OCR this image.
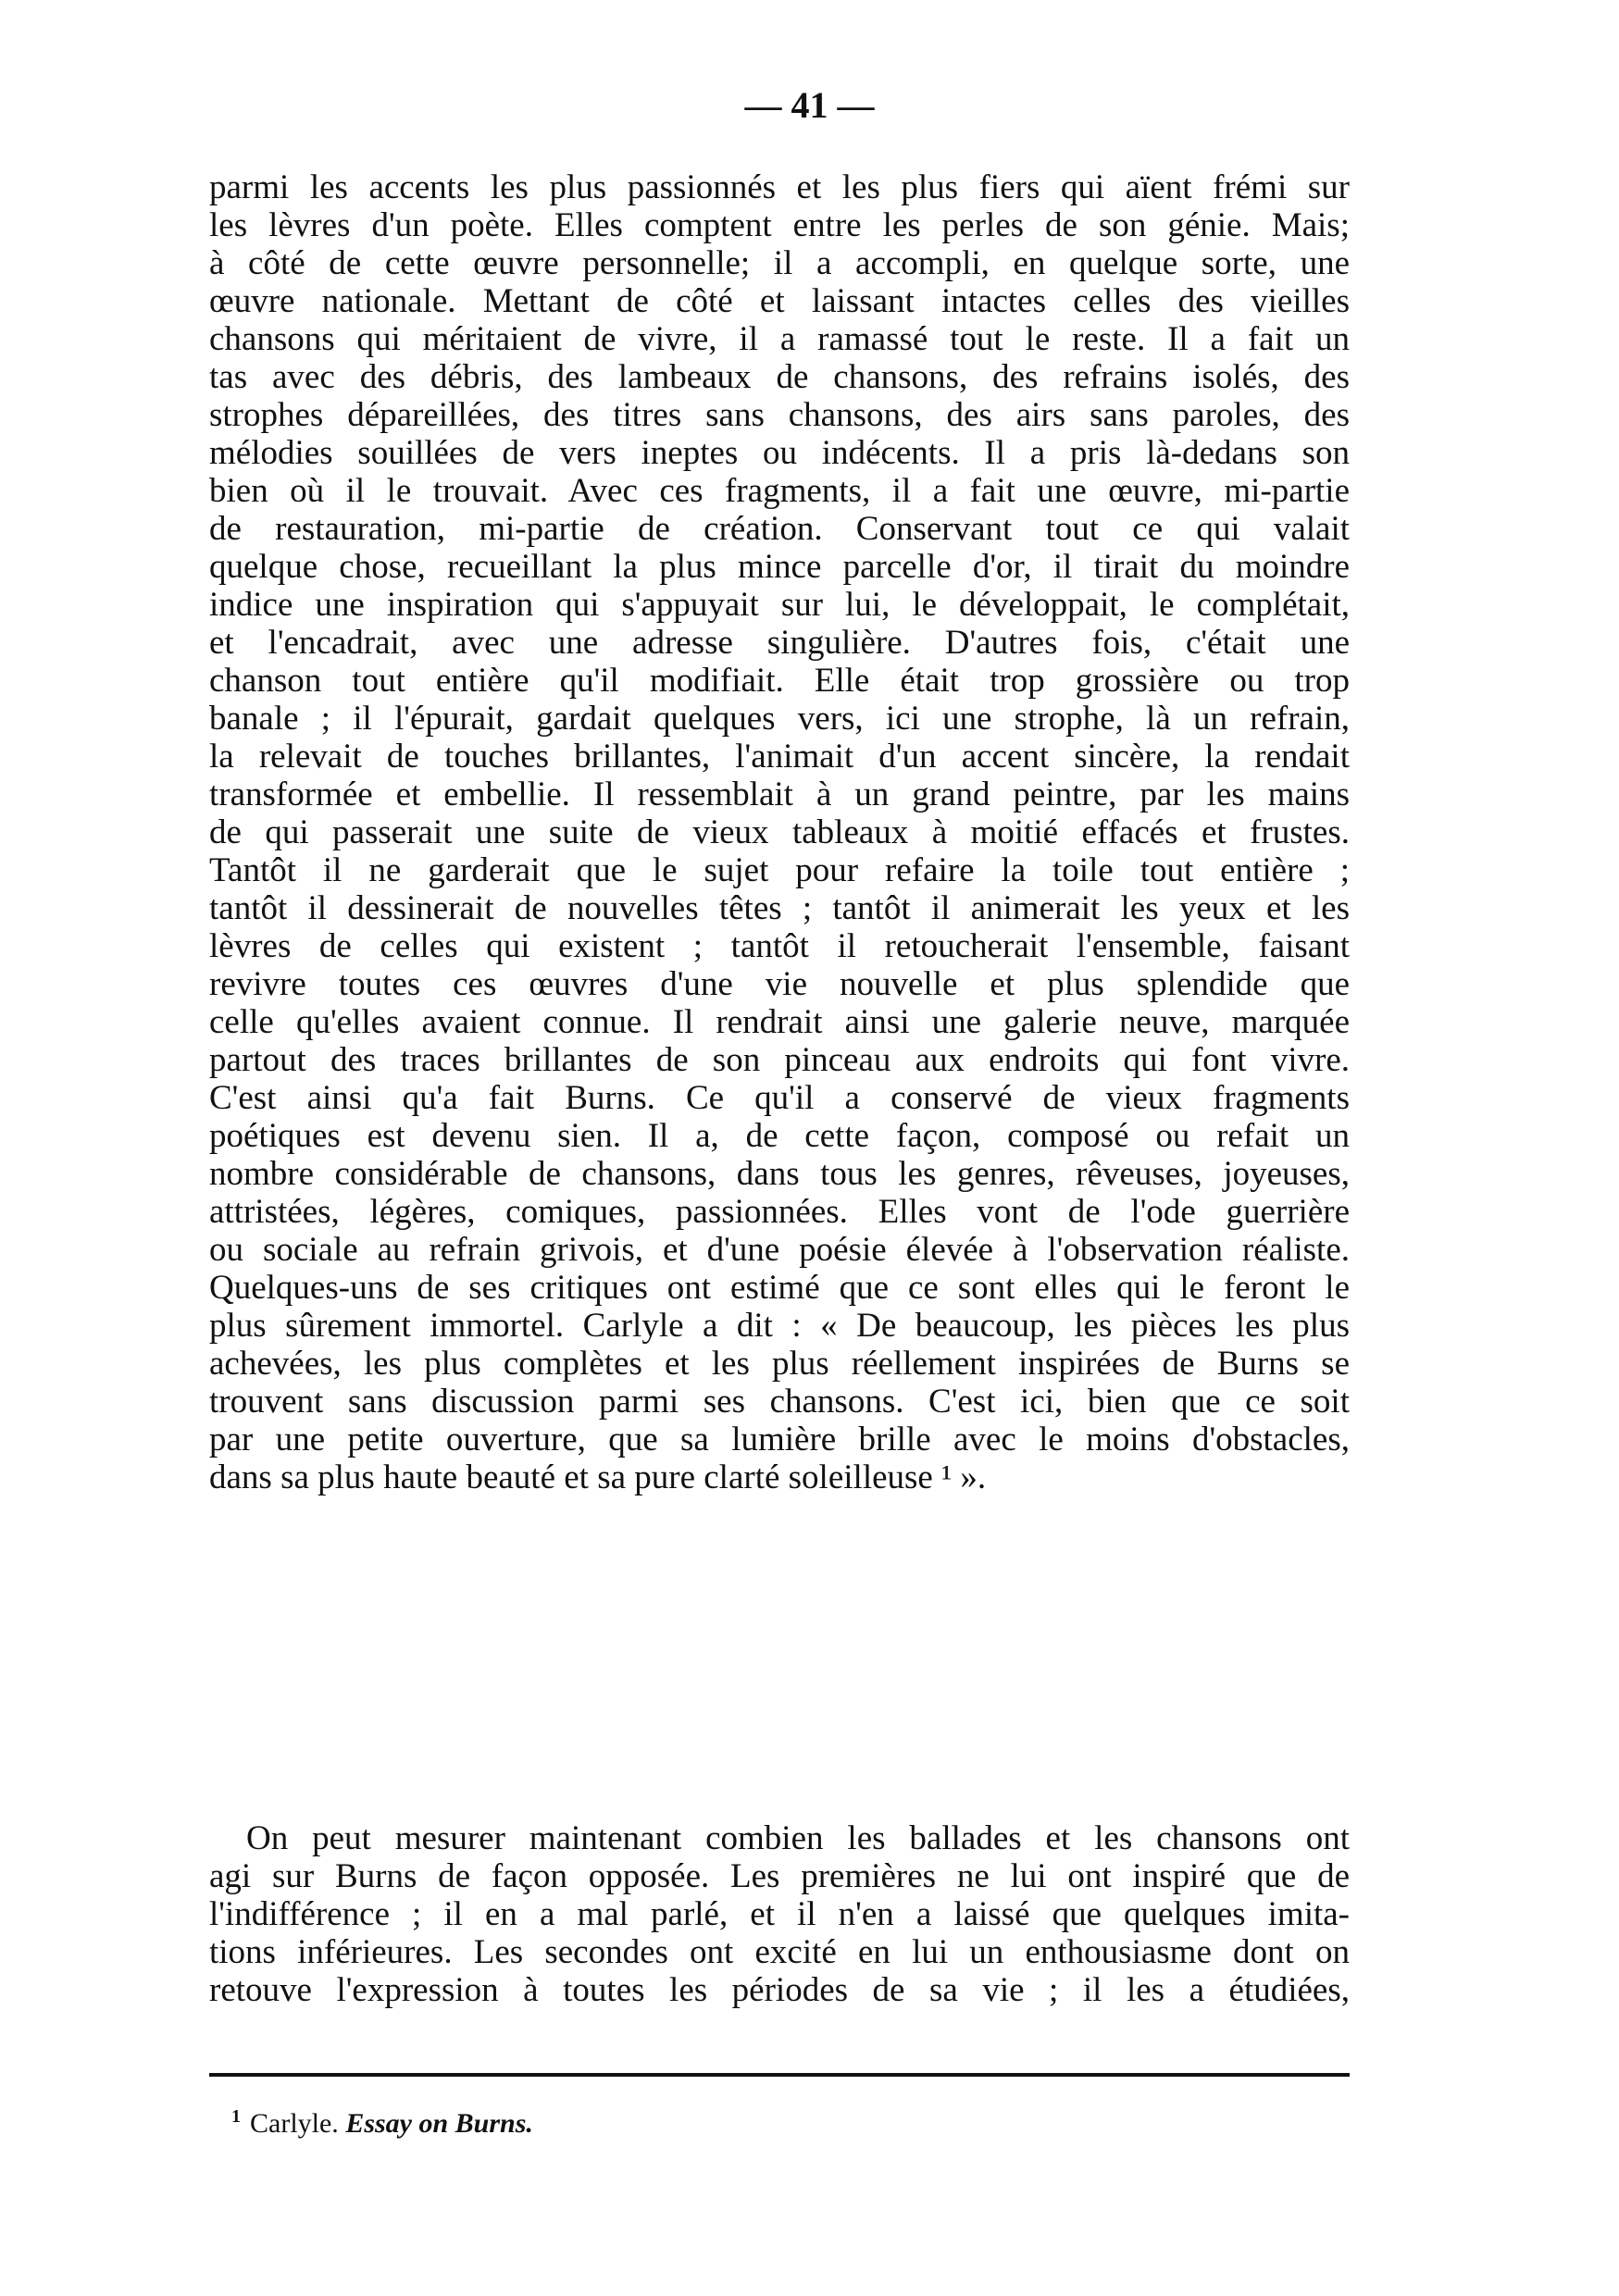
— 41 —
parmi les accents les plus passionnés et les plus fiers qui aïent frémi sur
les lèvres d'un poète. Elles comptent entre les perles de son génie. Mais;
à côté de cette œuvre personnelle; il a accompli, en quelque sorte, une
œuvre nationale. Mettant de côté et laissant intactes celles des vieilles
chansons qui méritaient de vivre, il a ramassé tout le reste. Il a fait un
tas avec des débris, des lambeaux de chansons, des refrains isolés, des
strophes dépareillées, des titres sans chansons, des airs sans paroles, des
mélodies souillées de vers ineptes ou indécents. Il a pris là-dedans son
bien où il le trouvait. Avec ces fragments, il a fait une œuvre, mi-partie
de restauration, mi-partie de création. Conservant tout ce qui valait
quelque chose, recueillant la plus mince parcelle d'or, il tirait du moindre
indice une inspiration qui s'appuyait sur lui, le développait, le complétait,
et l'encadrait, avec une adresse singulière. D'autres fois, c'était une
chanson tout entière qu'il modifiait. Elle était trop grossière ou trop
banale ; il l'épurait, gardait quelques vers, ici une strophe, là un refrain,
la relevait de touches brillantes, l'animait d'un accent sincère, la rendait
transformée et embellie. Il ressemblait à un grand peintre, par les mains
de qui passerait une suite de vieux tableaux à moitié effacés et frustes.
Tantôt il ne garderait que le sujet pour refaire la toile tout entière ;
tantôt il dessinerait de nouvelles têtes ; tantôt il animerait les yeux et les
lèvres de celles qui existent ; tantôt il retoucherait l'ensemble, faisant
revivre toutes ces œuvres d'une vie nouvelle et plus splendide que
celle qu'elles avaient connue. Il rendrait ainsi une galerie neuve, marquée
partout des traces brillantes de son pinceau aux endroits qui font vivre.
C'est ainsi qu'a fait Burns. Ce qu'il a conservé de vieux fragments
poétiques est devenu sien. Il a, de cette façon, composé ou refait un
nombre considérable de chansons, dans tous les genres, rêveuses, joyeuses,
attristées, légères, comiques, passionnées. Elles vont de l'ode guerrière
ou sociale au refrain grivois, et d'une poésie élevée à l'observation réaliste.
Quelques-uns de ses critiques ont estimé que ce sont elles qui le feront le
plus sûrement immortel. Carlyle a dit : « De beaucoup, les pièces les plus
achevées, les plus complètes et les plus réellement inspirées de Burns se
trouvent sans discussion parmi ses chansons. C'est ici, bien que ce soit
par une petite ouverture, que sa lumière brille avec le moins d'obstacles,
dans sa plus haute beauté et sa pure clarté soleilleuse ¹ ».
On peut mesurer maintenant combien les ballades et les chansons ont
agi sur Burns de façon opposée. Les premières ne lui ont inspiré que de
l'indifférence ; il en a mal parlé, et il n'en a laissé que quelques imita-
tions inférieures. Les secondes ont excité en lui un enthousiasme dont on
retouve l'expression à toutes les périodes de sa vie ; il les a étudiées,
$^1$ Carlyle. Essay on Burns.
